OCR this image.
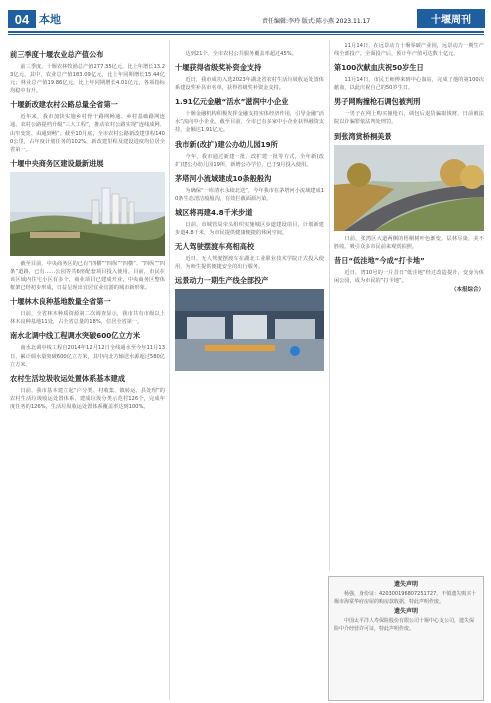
04 本地	责任编辑:李玲 版式:陈小燕 2023.11.17	十堰周刊
前三季度十堰农业总产值公布

前三季度，十堰农林牧渔总产值277.35亿元，比上年增长13.23亿元，其中，农业总产值183.09亿元，比上年同期增长15.44亿元；林业总产值19.86亿元，比上年同期增长4.01亿元，各项指标均稳中有升。

十堰新改建农村公路总量全省第一

近年来，我市加快实施乡村骨干路网畅通、乡村基础路网连通、农村公路提档升级“三大工程”，推动农村公路实现“连线成网、由窄变宽、由通到畅”。截至10月底，全市农村公路新改建里程1400公里，占年度计划任务的102%，新改建里程及建设进度均位居全省第一。

十堰中央商务区建设最新进展

截至目前，中央商务区的已有“四横”“四纵”“四横”、“四纵”“四条”道路，已有……公园等共6座配套项目投入使用。目前，市民在该区域内住宅小区有多个，商业项目已建成开业，中央商务区整体框架已经初步形成，日益呈现出宜居宜业宜游的城市新形象。

十堰林木良种基地数量全省第一

日前，全省林木种质资源第二次调查显示，我市共有市级以上林木良种基地11处，占全省总量的18%，位居全省第一。

南水北调中线工程调水突破600亿立方米

南水北调中线工程自2014年12月12日全线通水至今年11月13日，累计调水量突破600亿立方米，其中向北方输送水源超过580亿立方米。

农村生活垃圾收运处置体系基本建成

日前，我市基本建立起“户分类、村收集、镇转运、县处理”的农村生活垃圾收运处置体系，建成垃圾分类示范村126个，完成年度任务的126%，生活垃圾收运处置体系覆盖率达到100%。

达到21个。全市农村公共服务覆盖率超过45%。

十堰获得省级奖补资金支持

近日，我市成功入选2023年湖北省农村生活垃圾收运处置体系建设奖补县市名单，获得省级奖补资金支持。

1.91亿元金融“活水”滋润中小企业

十堰金融机构积极发挥金融支持实体经济作用，引导金融“活水”流向中小企业。截至目前，全市已有多家中小企业获得融资支持，金额达1.91亿元。

我市新(改扩)建公办幼儿园19所

今年，我市通过新建一批、改扩建一批等方式，全年新(改扩)建公办幼儿园19所，新增公办学位，已于9月投入使用。

茅塔河小流域建成10条般般沟

为确保“一库清水永续北送”，今年我市在茅塔河小流域建成10条生态清洁般般沟，有效拦截面源污染。

城区将再建4.8千米步道

日前，市城管局牵头组织实施城区步道建设项目，计划新建步道4.8千米，为市民提供健康便捷的休闲空间。

无人驾驶摆渡车亮相高校

近日，无人驾驶摆渡车在湖北工业职业技术学院正式投入使用，为师生提供便捷安全的出行服务。

远景动力一期生产线全部投产

11月14日，在远景动力十堰零碳产业园，远景动力一期生产线全部投产。全面投产后，预计年产值可达数十亿元。

第100次献血庆祝50岁生日

11月14日，市民王师傅来到中心血站，完成了他的第100次献血，以此庆祝自己的50岁生日。

男子网购撞枪石调包被判刑

一男子在网上购买撞枪石，调包后退货骗取钱财，日前被法院以诈骗罪依法判处刑罚。

到张湾赏桥桐美景

日前，张湾区大道两侧的梧桐树叶色渐变，层林尽染，美不胜收，吸引众多市民前来观赏拍照。

昔日“低洼地”今成“打卡地”

近日，湾10号的一片昔日“低洼地”经过改造提升，变身为休闲公园，成为市民的“打卡地”。

（本报综合）
遗失声明

杨强，身份证：420300196807251727，不慎遗失购买十堰市海棠华府房屋的购房款收据，特此声明作废。

遗失声明

中国太平洋人寿保险股份有限公司十堰中心支公司，遗失保险中介经营许可证，特此声明作废。
